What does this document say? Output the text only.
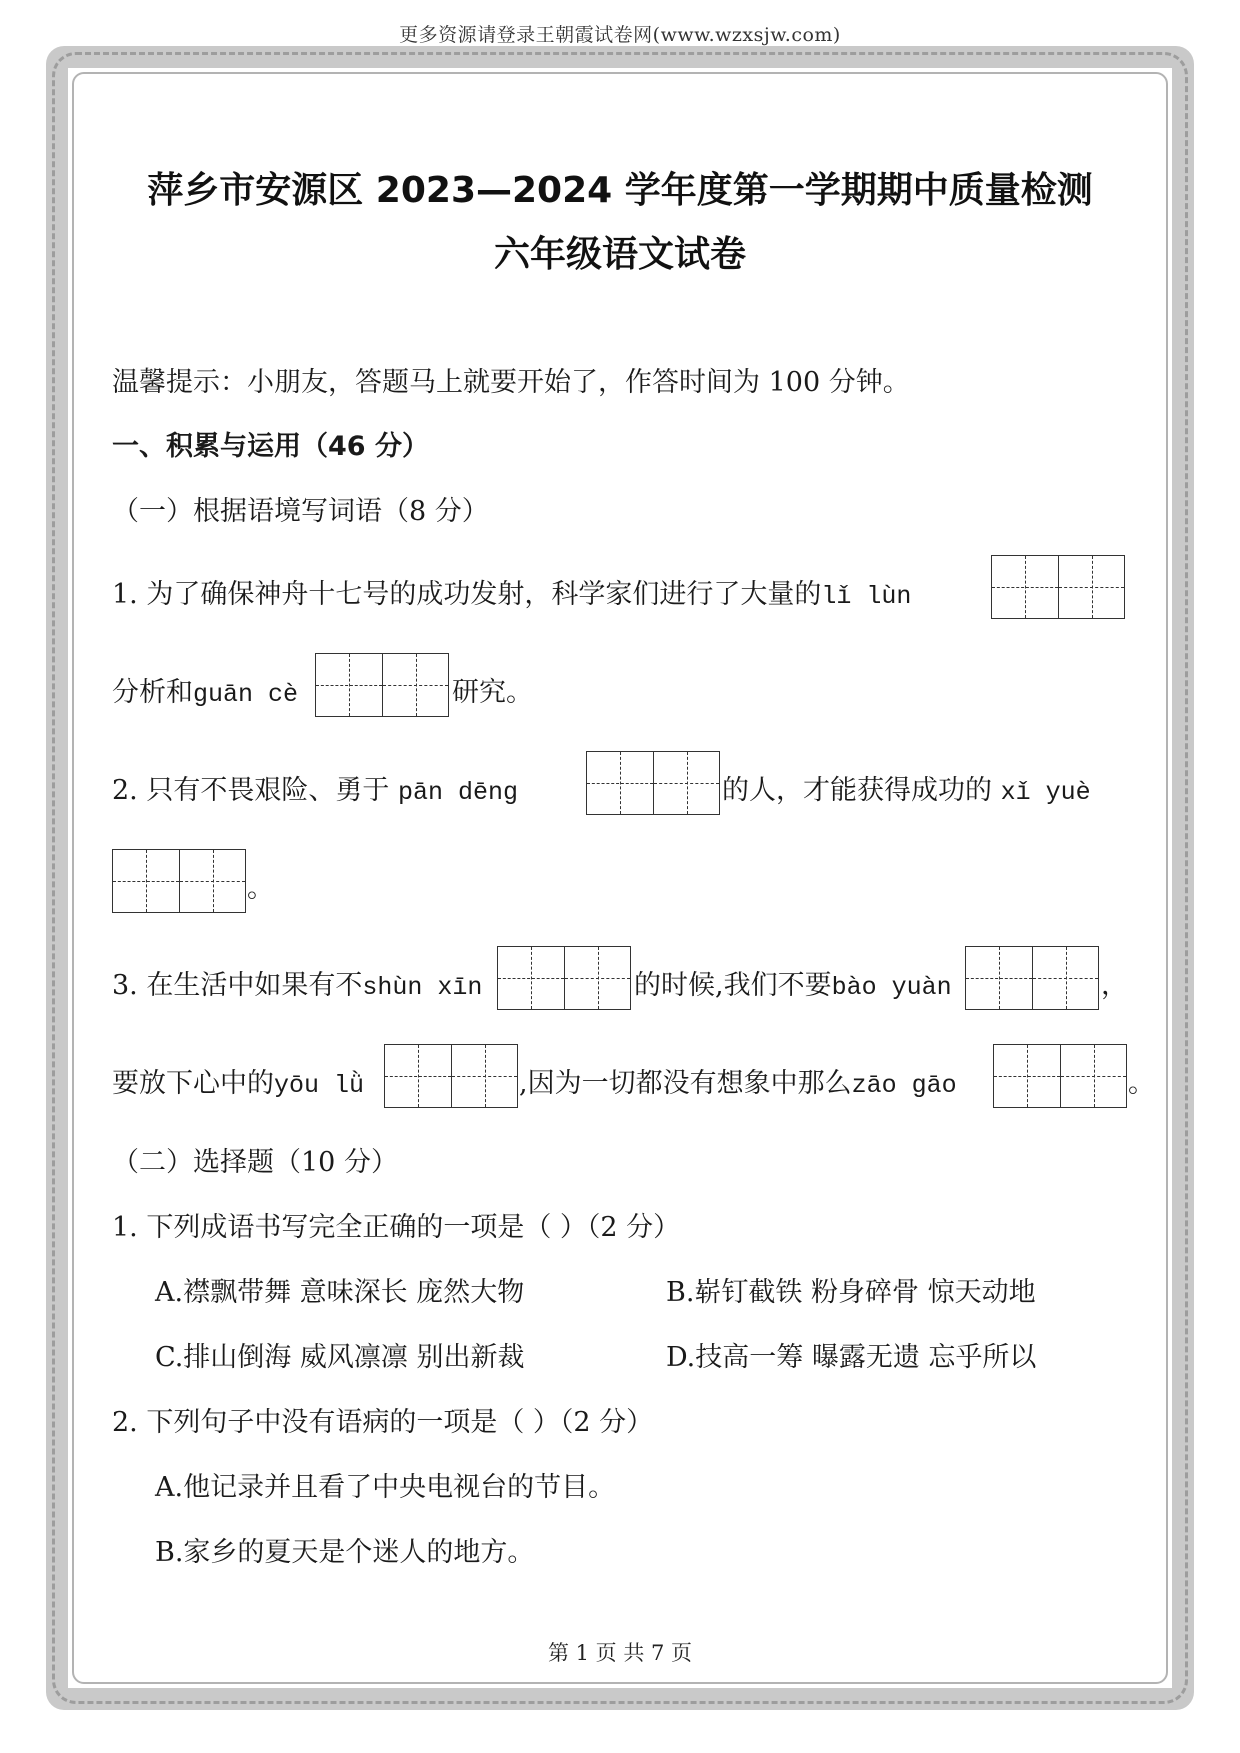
更多资源请登录王朝霞试卷网(www.wzxsjw.com)
萍乡市安源区 2023—2024 学年度第一学期期中质量检测
六年级语文试卷
温馨提示：小朋友，答题马上就要开始了，作答时间为 100 分钟。
一、积累与运用（46 分）
（一）根据语境写词语（8 分）
1. 为了确保神舟十七号的成功发射，科学家们进行了大量的lǐ lùn
分析和guān cè	研究。
2. 只有不畏艰险、勇于 pān dēng	的人，才能获得成功的 xǐ yuè
。
3. 在生活中如果有不shùn xīn	的时候,我们不要bào yuàn	，
要放下心中的yōu lǜ	,因为一切都没有想象中那么zāo gāo	。
（二）选择题（10 分）
1. 下列成语书写完全正确的一项是（ ）（2 分）
A.襟飘带舞 意味深长 庞然大物	B.崭钉截铁 粉身碎骨 惊天动地
C.排山倒海 威风凛凛 别出新裁	D.技高一筹 曝露无遗 忘乎所以
2. 下列句子中没有语病的一项是（ ）（2 分）
A.他记录并且看了中央电视台的节目。
B.家乡的夏天是个迷人的地方。
第 1 页 共 7 页
